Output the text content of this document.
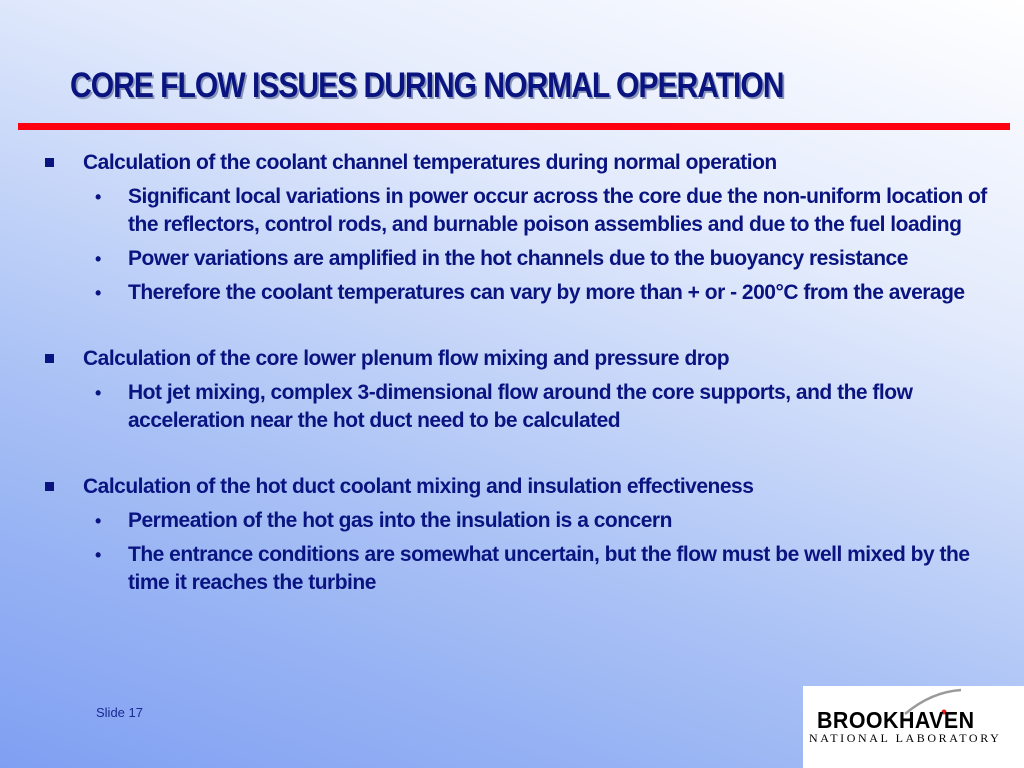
CORE FLOW ISSUES DURING NORMAL OPERATION
Calculation of the coolant channel temperatures during normal operation
• Significant local variations in power occur across the core due the non-uniform location of the reflectors, control rods, and burnable poison assemblies and due to the fuel loading
• Power variations are amplified in the hot channels due to the buoyancy resistance
• Therefore the coolant temperatures can vary by more than + or - 200°C from the average
Calculation of the core lower plenum flow mixing and pressure drop
• Hot jet mixing, complex 3-dimensional flow around the core supports, and the flow acceleration near the hot duct need to be calculated
Calculation of the hot duct coolant mixing and insulation effectiveness
• Permeation of the hot gas into the insulation is a concern
• The entrance conditions are somewhat uncertain, but the flow must be well mixed by the time it reaches the turbine
Slide 17	BROOKHAVEN
NATIONAL LABORATORY
